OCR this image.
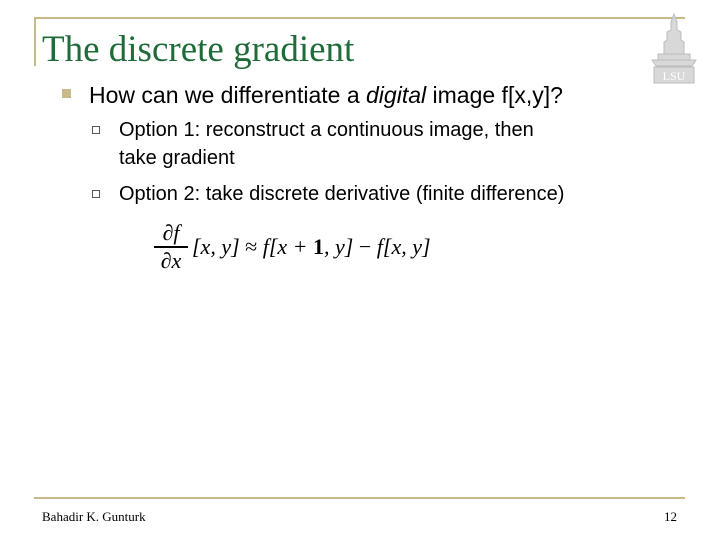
The discrete gradient
LSU
How can we differentiate a digital image f[x,y]?
Option 1: reconstruct a continuous image, then
take gradient
Option 2: take discrete derivative (finite difference)
$\frac{\partial f}{\partial x} [x$, y] ≈ f[x + 1, y] − f[x, y]
Bahadir K. Gunturk	12
